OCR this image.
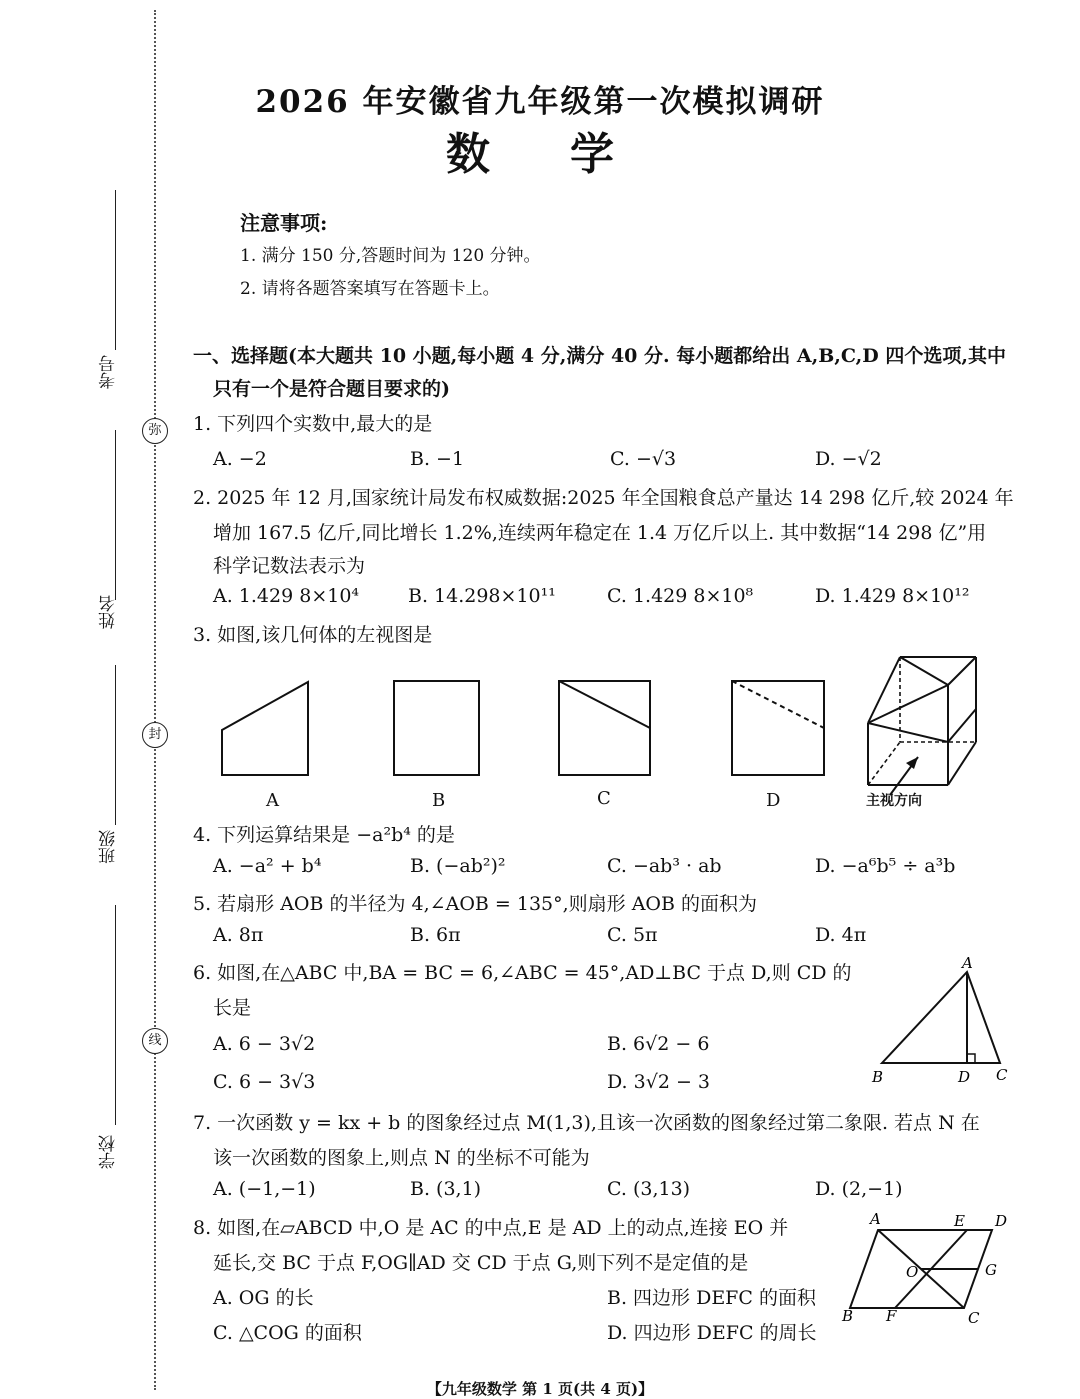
考号
姓名
班级
学校
弥
封
线
2026 年安徽省九年级第一次模拟调研
数学
注意事项:
1. 满分 150 分,答题时间为 120 分钟。
2. 请将各题答案填写在答题卡上。
一、选择题(本大题共 10 小题,每小题 4 分,满分 40 分. 每小题都给出 A,B,C,D 四个选项,其中
只有一个是符合题目要求的)
1. 下列四个实数中,最大的是
A. −2	B. −1	C. −√3	D. −√2
2. 2025 年 12 月,国家统计局发布权威数据:2025 年全国粮食总产量达 14 298 亿斤,较 2024 年
增加 167.5 亿斤,同比增长 1.2%,连续两年稳定在 1.4 万亿斤以上. 其中数据“14 298 亿”用
科学记数法表示为
A. 1.429 8×10⁴	B. 14.298×10¹¹	C. 1.429 8×10⁸	D. 1.429 8×10¹²
3. 如图,该几何体的左视图是
A	B	C	D	主视方向
4. 下列运算结果是 −a²b⁴ 的是
A. −a² + b⁴	B. (−ab²)²	C. −ab³ · ab	D. −a⁶b⁵ ÷ a³b
5. 若扇形 AOB 的半径为 4,∠AOB = 135°,则扇形 AOB 的面积为
A. 8π	B. 6π	C. 5π	D. 4π
6. 如图,在△ABC 中,BA = BC = 6,∠ABC = 45°,AD⊥BC 于点 D,则 CD 的
长是
A. 6 − 3√2	B. 6√2 − 6
C. 6 − 3√3	D. 3√2 − 3
A
B	D C
7. 一次函数 y = kx + b 的图象经过点 M(1,3),且该一次函数的图象经过第二象限. 若点 N 在
该一次函数的图象上,则点 N 的坐标不可能为
A. (−1,−1)	B. (3,1)	C. (3,13)	D. (2,−1)
8. 如图,在▱ABCD 中,O 是 AC 的中点,E 是 AD 上的动点,连接 EO 并
延长,交 BC 于点 F,OG∥AD 交 CD 于点 G,则下列不是定值的是
A. OG 的长	B. 四边形 DEFC 的面积
C. △COG 的面积	D. 四边形 DEFC 的周长
A	E D
O	G
B F	C
【九年级数学 第 1 页(共 4 页)】
